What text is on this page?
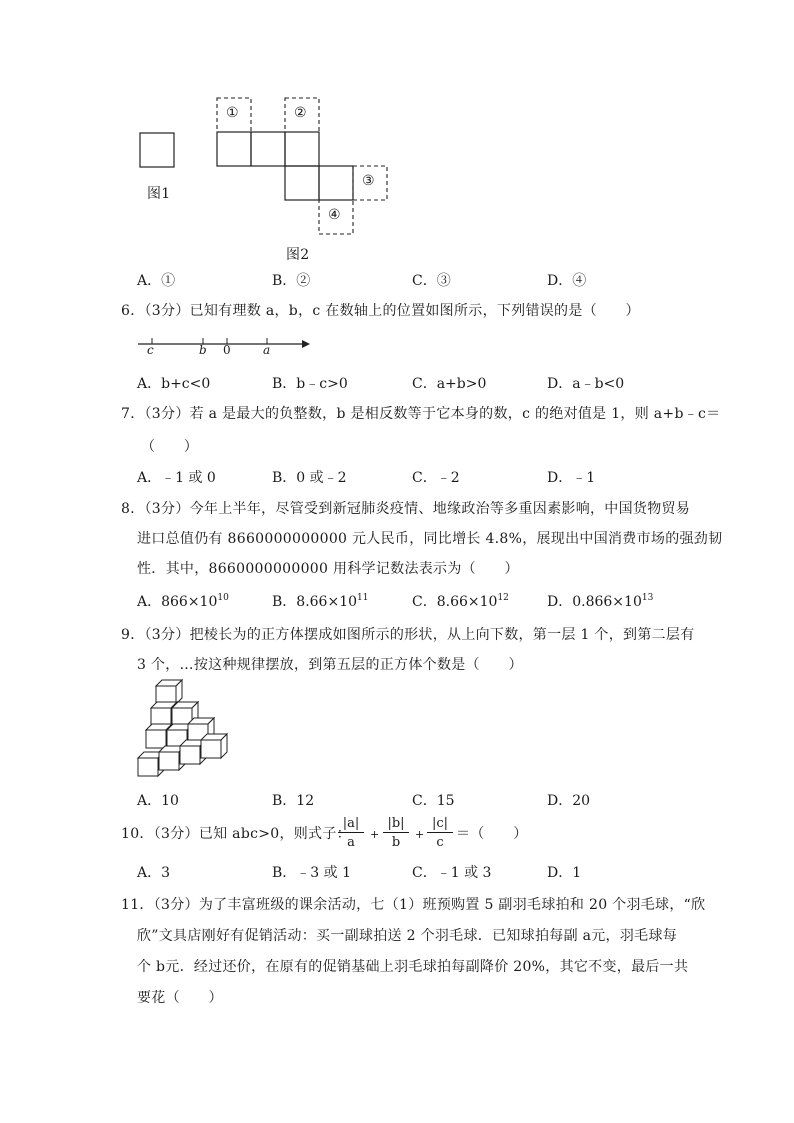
图1
图2
①	②
③
④
A．①	B．②	C．③	D．④
6．（3分）已知有理数 a，b，c 在数轴上的位置如图所示，下列错误的是（　　）
c	b 0	a
A．b+c<0	B．b﹣c>0	C．a+b>0	D．a﹣b<0
7．（3分）若 a 是最大的负整数，b 是相反数等于它本身的数，c 的绝对值是 1，则 a+b﹣c＝
（　　）
A．﹣1 或 0	B．0 或﹣2	C．﹣2	D．﹣1
8．（3分）今年上半年，尽管受到新冠肺炎疫情、地缘政治等多重因素影响，中国货物贸易
进口总值仍有 8660000000000 元人民币，同比增长 4.8%，展现出中国消费市场的强劲韧
性．其中，8660000000000 用科学记数法表示为（　　）
A．$866\times 10^{10}$	B．$8.66\times 10^{11}$	C．$8.66\times 10^{12}$	D．$0.866\times 10^{13}$
9．（3分）把棱长为的正方体摆成如图所示的形状，从上向下数，第一层 1 个，到第二层有
3 个，…按这种规律摆放，到第五层的正方体个数是（　　）
A．10	B．12	C．15	D．20
10．（3分）已知 abc>0，则式子：
|a|
a
+
|b|
b
+
|c|
c
＝（　　）
A．3	B．﹣3 或 1	C．﹣1 或 3	D．1
11．（3分）为了丰富班级的课余活动，七（1）班预购置 5 副羽毛球拍和 20 个羽毛球，“欣
欣”文具店刚好有促销活动：买一副球拍送 2 个羽毛球．已知球拍每副 a元，羽毛球每
个 b元．经过还价，在原有的促销基础上羽毛球拍每副降价 20%，其它不变，最后一共
要花（　　）
